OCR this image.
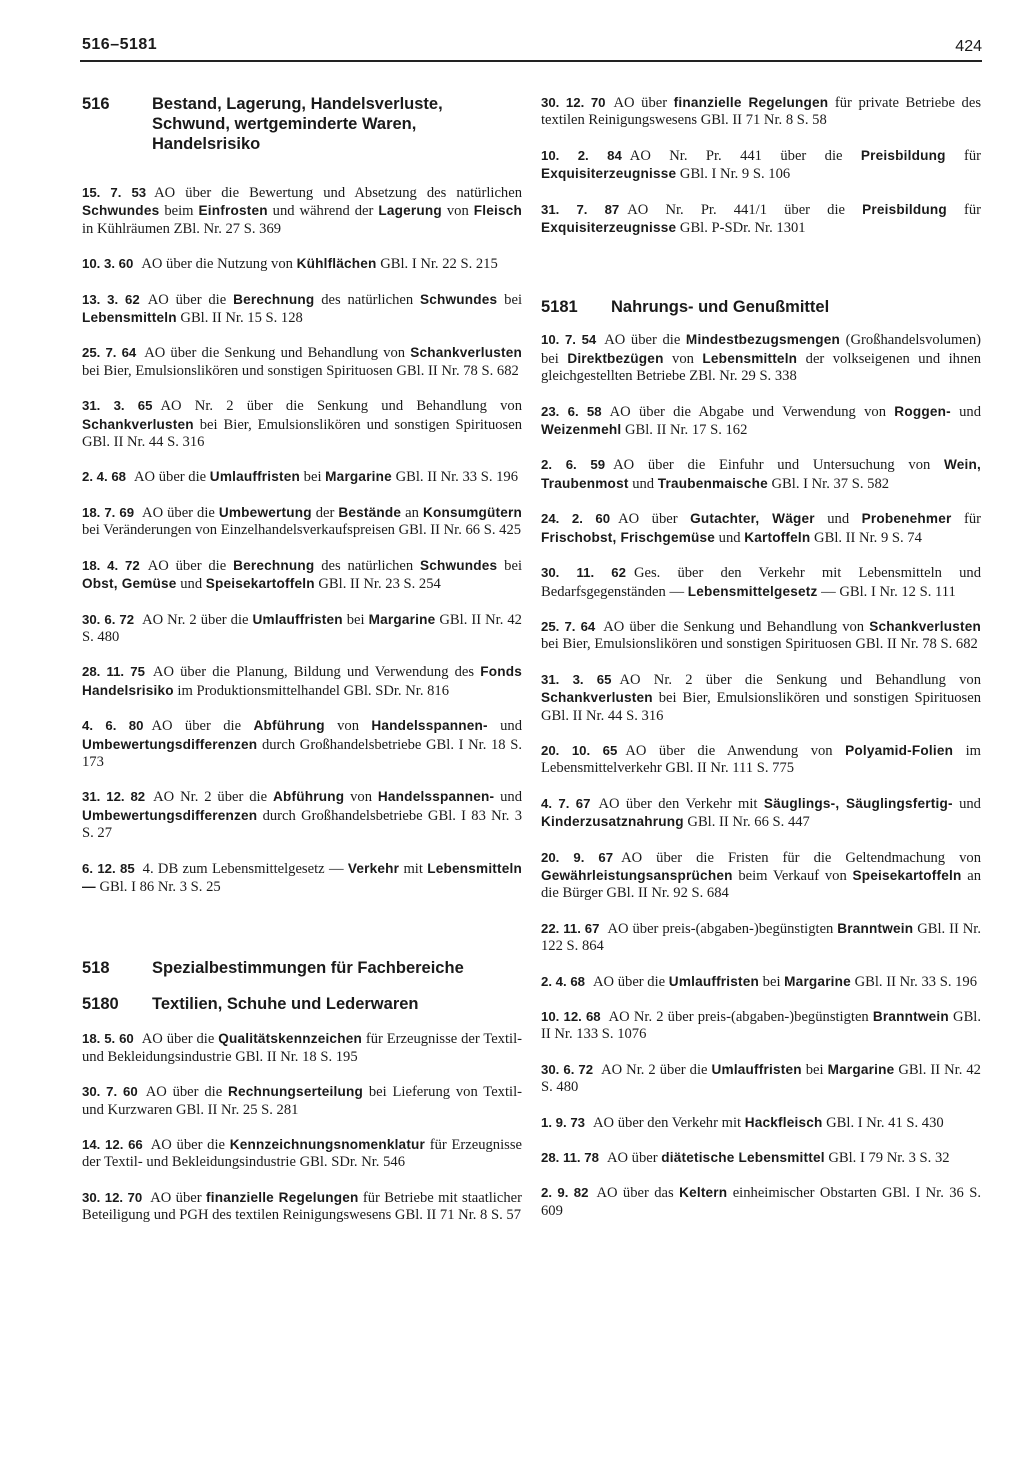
516–5181	424
516	Bestand, Lagerung, Handelsverluste, Schwund, wertgeminderte Waren, Handelsrisiko

15. 7. 53 AO über die Bewertung und Absetzung des natürlichen Schwundes beim Einfrosten und während der Lagerung von Fleisch in Kühlräumen ZBl. Nr. 27 S. 369

10. 3. 60 AO über die Nutzung von Kühlflächen GBl. I Nr. 22 S. 215

13. 3. 62 AO über die Berechnung des natürlichen Schwundes bei Lebensmitteln GBl. II Nr. 15 S. 128

25. 7. 64 AO über die Senkung und Behandlung von Schankverlusten bei Bier, Emulsionslikören und sonstigen Spirituosen GBl. II Nr. 78 S. 682

31. 3. 65 AO Nr. 2 über die Senkung und Behandlung von Schankverlusten bei Bier, Emulsionslikören und sonstigen Spirituosen GBl. II Nr. 44 S. 316

2. 4. 68 AO über die Umlauffristen bei Margarine GBl. II Nr. 33 S. 196

18. 7. 69 AO über die Umbewertung der Bestände an Konsumgütern bei Veränderungen von Einzelhandelsverkaufspreisen GBl. II Nr. 66 S. 425

18. 4. 72 AO über die Berechnung des natürlichen Schwundes bei Obst, Gemüse und Speisekartoffeln GBl. II Nr. 23 S. 254

30. 6. 72 AO Nr. 2 über die Umlauffristen bei Margarine GBl. II Nr. 42 S. 480

28. 11. 75 AO über die Planung, Bildung und Verwendung des Fonds Handelsrisiko im Produktionsmittelhandel GBl. SDr. Nr. 816

4. 6. 80 AO über die Abführung von Handelsspannen- und Umbewertungsdifferenzen durch Großhandelsbetriebe GBl. I Nr. 18 S. 173

31. 12. 82 AO Nr. 2 über die Abführung von Handelsspannen- und Umbewertungsdifferenzen durch Großhandelsbetriebe GBl. I 83 Nr. 3 S. 27

6. 12. 85 4. DB zum Lebensmittelgesetz — Verkehr mit Lebensmitteln — GBl. I 86 Nr. 3 S. 25

518	Spezialbestimmungen für Fachbereiche
5180	Textilien, Schuhe und Lederwaren

18. 5. 60 AO über die Qualitätskennzeichen für Erzeugnisse der Textil- und Bekleidungsindustrie GBl. II Nr. 18 S. 195

30. 7. 60 AO über die Rechnungserteilung bei Lieferung von Textil- und Kurzwaren GBl. II Nr. 25 S. 281

14. 12. 66 AO über die Kennzeichnungsnomenklatur für Erzeugnisse der Textil- und Bekleidungsindustrie GBl. SDr. Nr. 546

30. 12. 70 AO über finanzielle Regelungen für Betriebe mit staatlicher Beteiligung und PGH des textilen Reinigungswesens GBl. II 71 Nr. 8 S. 57

30. 12. 70 AO über finanzielle Regelungen für private Betriebe des textilen Reinigungswesens GBl. II 71 Nr. 8 S. 58

10. 2. 84 AO Nr. Pr. 441 über die Preisbildung für Exquisiterzeugnisse GBl. I Nr. 9 S. 106

31. 7. 87 AO Nr. Pr. 441/1 über die Preisbildung für Exquisiterzeugnisse GBl. P-SDr. Nr. 1301

5181	Nahrungs- und Genußmittel

10. 7. 54 AO über die Mindestbezugsmengen (Großhandelsvolumen) bei Direktbezügen von Lebensmitteln der volkseigenen und ihnen gleichgestellten Betriebe ZBl. Nr. 29 S. 338

23. 6. 58 AO über die Abgabe und Verwendung von Roggen- und Weizenmehl GBl. II Nr. 17 S. 162

2. 6. 59 AO über die Einfuhr und Untersuchung von Wein, Traubenmost und Traubenmaische GBl. I Nr. 37 S. 582

24. 2. 60 AO über Gutachter, Wäger und Probenehmer für Frischobst, Frischgemüse und Kartoffeln GBl. II Nr. 9 S. 74

30. 11. 62 Ges. über den Verkehr mit Lebensmitteln und Bedarfsgegenständen — Lebensmittelgesetz — GBl. I Nr. 12 S. 111

25. 7. 64 AO über die Senkung und Behandlung von Schankverlusten bei Bier, Emulsionslikören und sonstigen Spirituosen GBl. II Nr. 78 S. 682

31. 3. 65 AO Nr. 2 über die Senkung und Behandlung von Schankverlusten bei Bier, Emulsionslikören und sonstigen Spirituosen GBl. II Nr. 44 S. 316

20. 10. 65 AO über die Anwendung von Polyamid-Folien im Lebensmittelverkehr GBl. II Nr. 111 S. 775

4. 7. 67 AO über den Verkehr mit Säuglings-, Säuglingsfertig- und Kinderzusatznahrung GBl. II Nr. 66 S. 447

20. 9. 67 AO über die Fristen für die Geltendmachung von Gewährleistungsansprüchen beim Verkauf von Speisekartoffeln an die Bürger GBl. II Nr. 92 S. 684

22. 11. 67 AO über preis-(abgaben-)begünstigten Branntwein GBl. II Nr. 122 S. 864

2. 4. 68 AO über die Umlauffristen bei Margarine GBl. II Nr. 33 S. 196

10. 12. 68 AO Nr. 2 über preis-(abgaben-)begünstigten Branntwein GBl. II Nr. 133 S. 1076

30. 6. 72 AO Nr. 2 über die Umlauffristen bei Margarine GBl. II Nr. 42 S. 480

1. 9. 73 AO über den Verkehr mit Hackfleisch GBl. I Nr. 41 S. 430

28. 11. 78 AO über diätetische Lebensmittel GBl. I 79 Nr. 3 S. 32

2. 9. 82 AO über das Keltern einheimischer Obstarten GBl. I Nr. 36 S. 609
